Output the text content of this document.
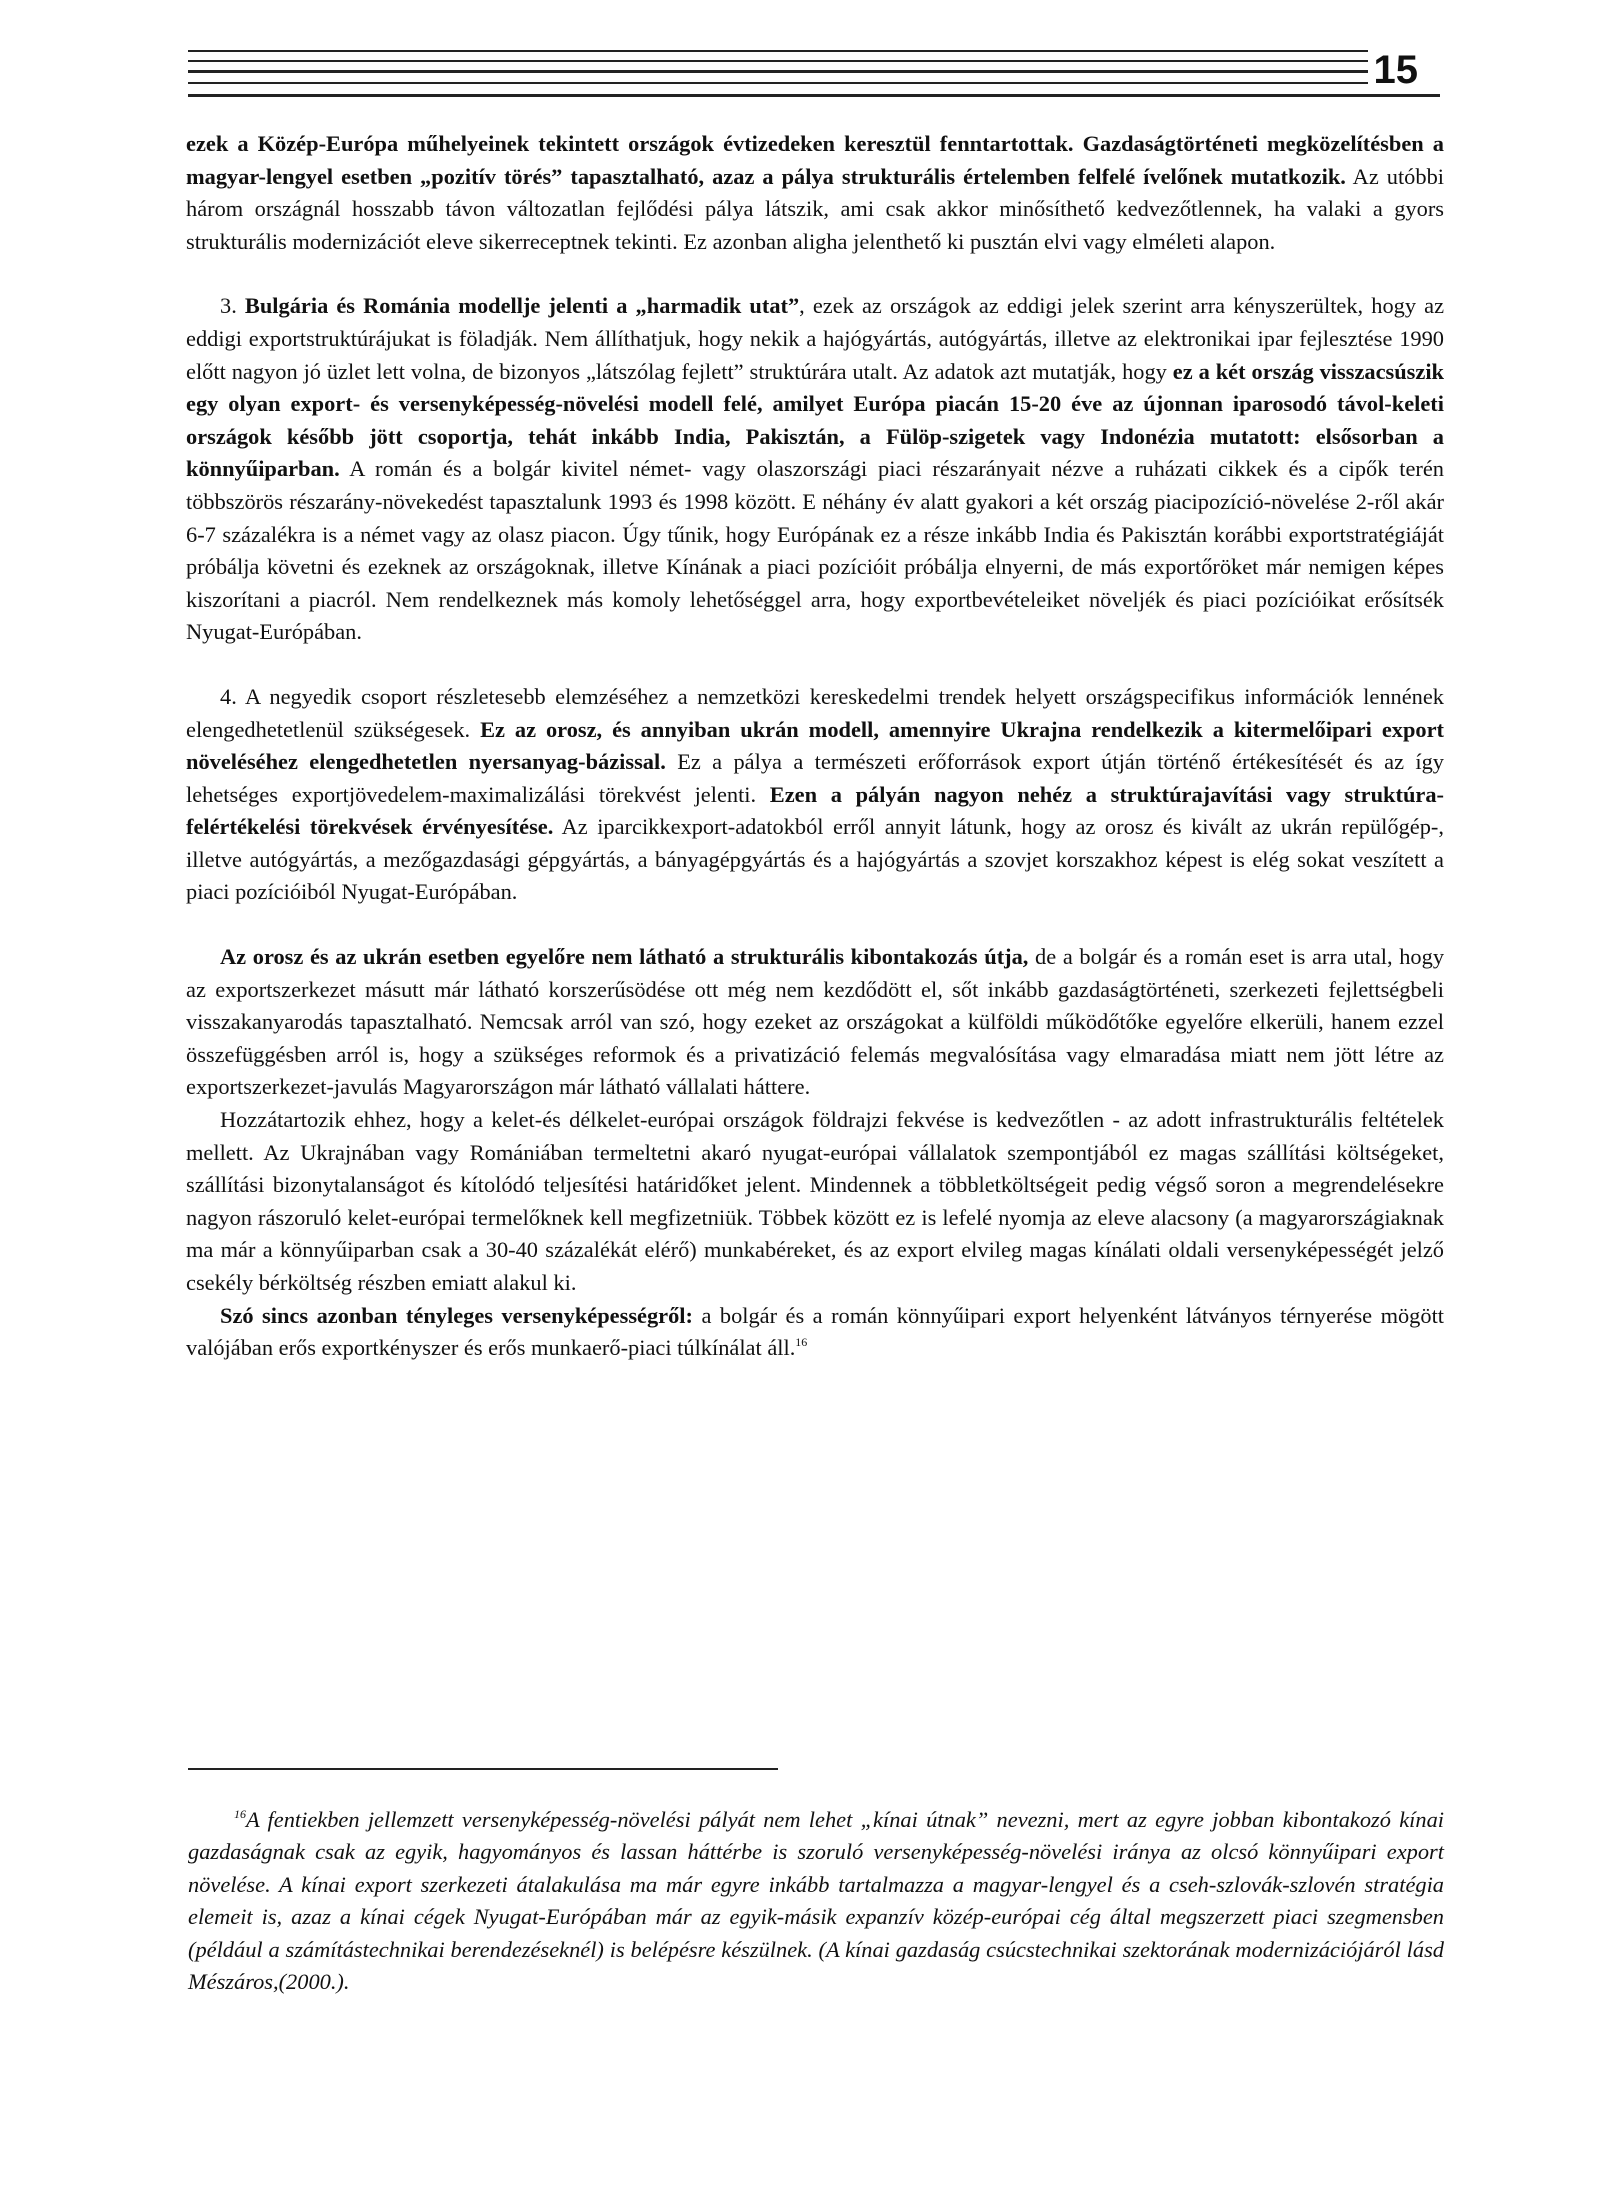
15

ezek a Közép-Európa műhelyeinek tekintett országok évtizedeken keresztül fenntartottak. Gazdaságtörténeti megközelítésben a magyar-lengyel esetben „pozitív törés” tapasztalható, azaz a pálya strukturális értelemben felfelé ívelőnek mutatkozik. Az utóbbi három országnál hosszabb távon változatlan fejlődési pálya látszik, ami csak akkor minősíthető kedvezőtlennek, ha valaki a gyors strukturális modernizációt eleve sikerreceptnek tekinti. Ez azonban aligha jelenthető ki pusztán elvi vagy elméleti alapon.

3. Bulgária és Románia modellje jelenti a „harmadik utat”, ezek az országok az eddigi jelek szerint arra kényszerültek, hogy az eddigi exportstruktúrájukat is föladják. Nem állíthatjuk, hogy nekik a hajógyártás, autógyártás, illetve az elektronikai ipar fejlesztése 1990 előtt nagyon jó üzlet lett volna, de bizonyos „látszólag fejlett” struktúrára utalt. Az adatok azt mutatják, hogy ez a két ország visszacsúszik egy olyan export- és versenyképesség-növelési modell felé, amilyet Európa piacán 15-20 éve az újonnan iparosodó távol-keleti országok később jött csoportja, tehát inkább India, Pakisztán, a Fülöp-szigetek vagy Indonézia mutatott: elsősorban a könnyűiparban. A román és a bolgár kivitel német- vagy olaszországi piaci részarányait nézve a ruházati cikkek és a cipők terén többszörös részarány-növekedést tapasztalunk 1993 és 1998 között. E néhány év alatt gyakori a két ország piacipozíció-növelése 2-ről akár 6-7 százalékra is a német vagy az olasz piacon. Úgy tűnik, hogy Európának ez a része inkább India és Pakisztán korábbi exportstratégiáját próbálja követni és ezeknek az országoknak, illetve Kínának a piaci pozícióit próbálja elnyerni, de más exportőröket már nemigen képes kiszorítani a piacról. Nem rendelkeznek más komoly lehetőséggel arra, hogy exportbevételeiket növeljék és piaci pozícióikat erősítsék Nyugat-Európában.

4. A negyedik csoport részletesebb elemzéséhez a nemzetközi kereskedelmi trendek helyett országspecifikus információk lennének elengedhetetlenül szükségesek. Ez az orosz, és annyiban ukrán modell, amennyire Ukrajna rendelkezik a kitermelőipari export növeléséhez elengedhetetlen nyersanyag-bázissal. Ez a pálya a természeti erőforrások export útján történő értékesítését és az így lehetséges exportjövedelem-maximalizálási törekvést jelenti. Ezen a pályán nagyon nehéz a struktúrajavítási vagy struktúra-felértékelési törekvések érvényesítése. Az iparcikkexport-adatokból erről annyit látunk, hogy az orosz és kivált az ukrán repülőgép-, illetve autógyártás, a mezőgazdasági gépgyártás, a bányagépgyártás és a hajógyártás a szovjet korszakhoz képest is elég sokat veszített a piaci pozícióiból Nyugat-Európában.

Az orosz és az ukrán esetben egyelőre nem látható a strukturális kibontakozás útja, de a bolgár és a román eset is arra utal, hogy az exportszerkezet másutt már látható korszerűsödése ott még nem kezdődött el, sőt inkább gazdaságtörténeti, szerkezeti fejlettségbeli visszakanyarodás tapasztalható. Nemcsak arról van szó, hogy ezeket az országokat a külföldi működőtőke egyelőre elkerüli, hanem ezzel összefüggésben arról is, hogy a szükséges reformok és a privatizáció felemás megvalósítása vagy elmaradása miatt nem jött létre az exportszerkezet-javulás Magyarországon már látható vállalati háttere.

Hozzátartozik ehhez, hogy a kelet-és délkelet-európai országok földrajzi fekvése is kedvezőtlen - az adott infrastrukturális feltételek mellett. Az Ukrajnában vagy Romániában termeltetni akaró nyugat-európai vállalatok szempontjából ez magas szállítási költségeket, szállítási bizonytalanságot és kítolódó teljesítési határidőket jelent. Mindennek a többletköltségeit pedig végső soron a megrendelésekre nagyon rászoruló kelet-európai termelőknek kell megfizetniük. Többek között ez is lefelé nyomja az eleve alacsony (a magyarországiaknak ma már a könnyűiparban csak a 30-40 százalékát elérő) munkabéreket, és az export elvileg magas kínálati oldali versenyképességét jelző csekély bérköltség részben emiatt alakul ki.

Szó sincs azonban tényleges versenyképességről: a bolgár és a román könnyűipari export helyenként látványos térnyerése mögött valójában erős exportkényszer és erős munkaerő-piaci túlkínálat áll.$^{16}$

$^{16}$A fentiekben jellemzett versenyképesség-növelési pályát nem lehet „kínai útnak” nevezni, mert az egyre jobban kibontakozó kínai gazdaságnak csak az egyik, hagyományos és lassan háttérbe is szoruló versenyképesség-növelési iránya az olcsó könnyűipari export növelése. A kínai export szerkezeti átalakulása ma már egyre inkább tartalmazza a magyar-lengyel és a cseh-szlovák-szlovén stratégia elemeit is, azaz a kínai cégek Nyugat-Európában már az egyik-másik expanzív közép-európai cég által megszerzett piaci szegmensben (például a számítástechnikai berendezéseknél) is belépésre készülnek. (A kínai gazdaság csúcstechnikai szektorának modernizációjáról lásd Mészáros,(2000.).
